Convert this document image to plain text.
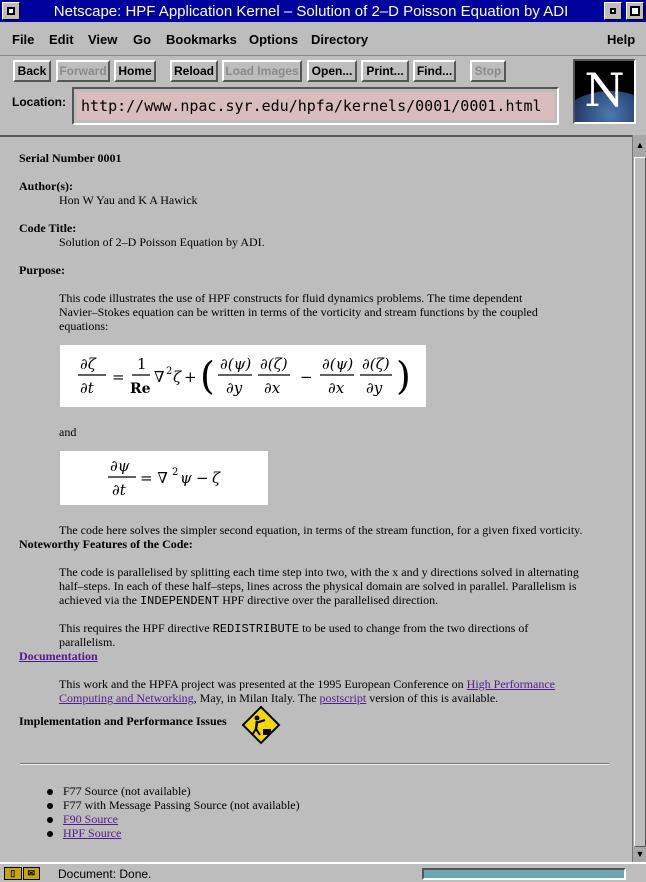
Netscape: HPF Application Kernel – Solution of 2–D Poisson Equation by ADI
File Edit View Go Bookmarks Options Directory	Help
Back	Forward Home	Reload Load Images	Open...	Print...	Find...	Stop
Location:
http://www.npac.syr.edu/hpfa/kernels/0001/0001.html	N
Serial Number 0001
Author(s):
Hon W Yau and K A Hawick
Code Title:
Solution of 2–D Poisson Equation by ADI.
Purpose:
This code illustrates the use of HPF constructs for fluid dynamics problems. The time dependent
Navier–Stokes equation can be written in terms of the vorticity and stream functions by the coupled
equations:
∂ζ
∂t
=
1
Re
∇ 2 ζ + ( ∂(ψ)
∂y
∂(ζ)
∂x
−
∂(ψ)
∂x
∂(ζ)
∂y )
and
∂ψ
∂t
= ∇ 2 ψ − ζ
The code here solves the simpler second equation, in terms of the stream function, for a given fixed vorticity.
Noteworthy Features of the Code:
The code is parallelised by splitting each time step into two, with the x and y directions solved in alternating
half–steps. In each of these half–steps, lines across the physical domain are solved in parallel. Parallelism is
achieved via the INDEPENDENT HPF directive over the parallelised direction.
This requires the HPF directive REDISTRIBUTE to be used to change from the two directions of
parallelism.
Documentation
This work and the HPFA project was presented at the 1995 European Conference on High Performance
Computing and Networking, May, in Milan Italy. The postscript version of this is available.
Implementation and Performance Issues
F77 Source (not available)
F77 with Message Passing Source (not available)
F90 Source
HPF Source
▲
▼
▯	✉	Document: Done.
